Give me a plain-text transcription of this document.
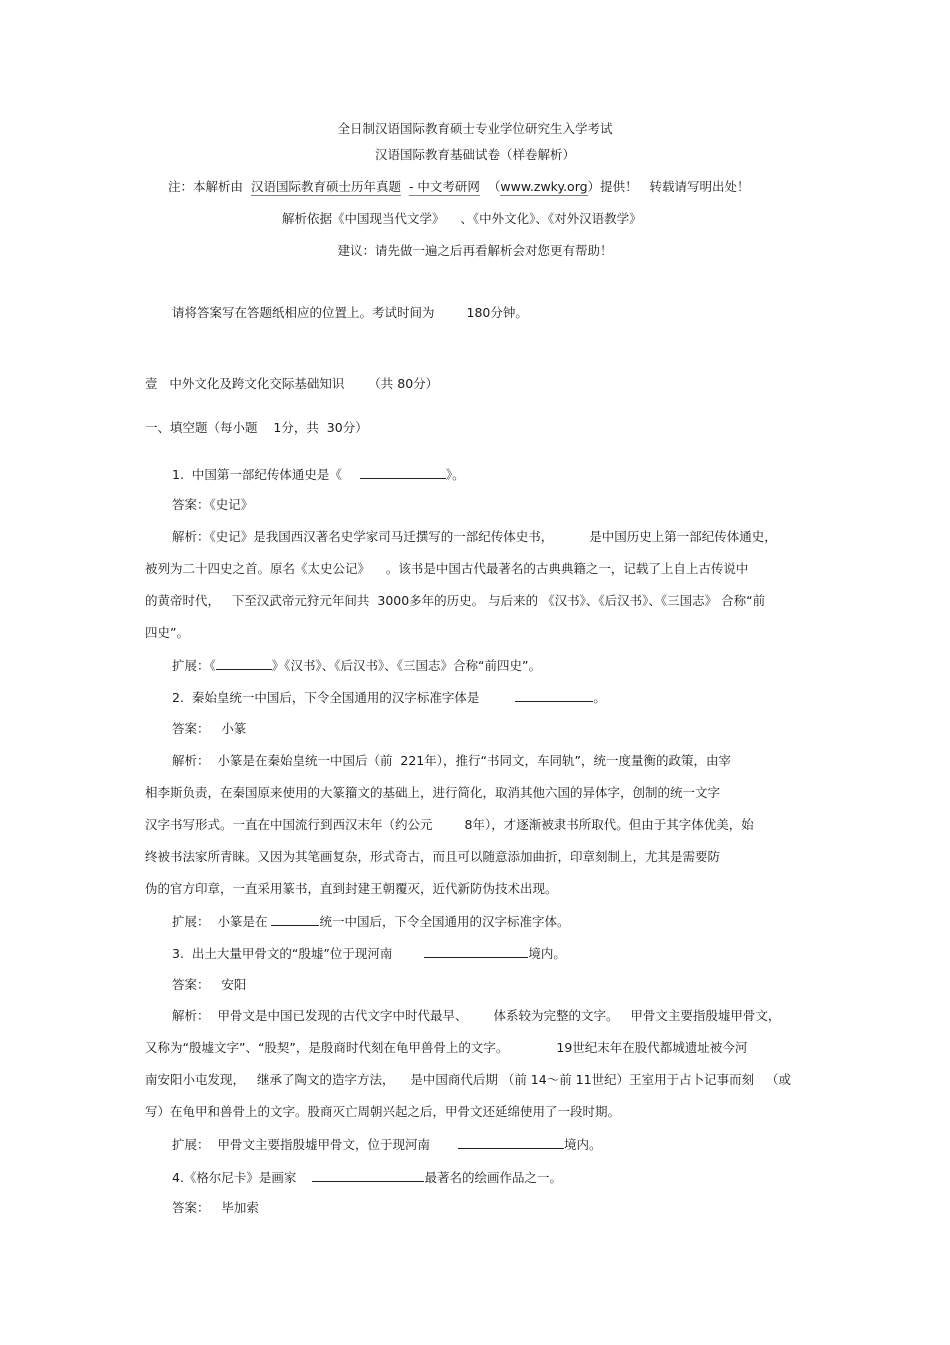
全日制汉语国际教育硕士专业学位研究生入学考试
汉语国际教育基础试卷（样卷解析）
注：本解析由 汉语国际教育硕士历年真题 - 中文考研网 （www.zwky.org）提供！   转载请写明出处！
解析依据《中国现当代文学》 、《中外文化》、《对外汉语教学》
建议：请先做一遍之后再看解析会对您更有帮助！
请将答案写在答题纸相应的位置上。考试时间为	180分钟。
壹   中外文化及跨文化交际基础知识 （共 80分）
一、填空题（每小题    1分，共  30分）
1.  中国第一部纪传体通史是《	》。
答案：《史记》
解析：《史记》是我国西汉著名史学家司马迁撰写的一部纪传体史书，	是中国历史上第一部纪传体通史，
被列为二十四史之首。原名《太史公记》 。该书是中国古代最著名的古典典籍之一，记载了上自上古传说中
的黄帝时代，   下至汉武帝元狩元年间共 3000多年的历史。 与后来的 《汉书》、《后汉书》、《三国志》 合称“前
四史”。
扩展：《	》《汉书》、《后汉书》、《三国志》合称“前四史”。
2.  秦始皇统一中国后，下令全国通用的汉字标准字体是	。
答案：   小篆
解析：  小篆是在秦始皇统一中国后（前 221年），推行“书同文，车同轨”，统一度量衡的政策，由宰
相李斯负责，在秦国原来使用的大篆籀文的基础上，进行简化，取消其他六国的异体字，创制的统一文字
汉字书写形式。一直在中国流行到西汉末年（约公元	8年），才逐渐被隶书所取代。但由于其字体优美，始
终被书法家所青睐。又因为其笔画复杂，形式奇古，而且可以随意添加曲折，印章刻制上，尤其是需要防
伪的官方印章，一直采用篆书，直到封建王朝覆灭，近代新防伪技术出现。
扩展：  小篆是在	统一中国后，下令全国通用的汉字标准字体。
3.  出土大量甲骨文的“殷墟”位于现河南	境内。
答案：   安阳
解析：  甲骨文是中国已发现的古代文字中时代最早、 体系较为完整的文字。   甲骨文主要指殷墟甲骨文，
又称为“殷墟文字”、“股契”，是殷商时代刻在龟甲兽骨上的文字。	19世纪末年在股代都城遗址被今河
南安阳小屯发现， 继承了陶文的造字方法， 是中国商代后期 （前 14～前 11世纪）王室用于占卜记事而刻 （或
写）在龟甲和兽骨上的文字。股商灭亡周朝兴起之后，甲骨文还延绵使用了一段时期。
扩展：  甲骨文主要指殷墟甲骨文，位于现河南	境内。
4.《格尔尼卡》是画家	最著名的绘画作品之一。
答案：   毕加索
